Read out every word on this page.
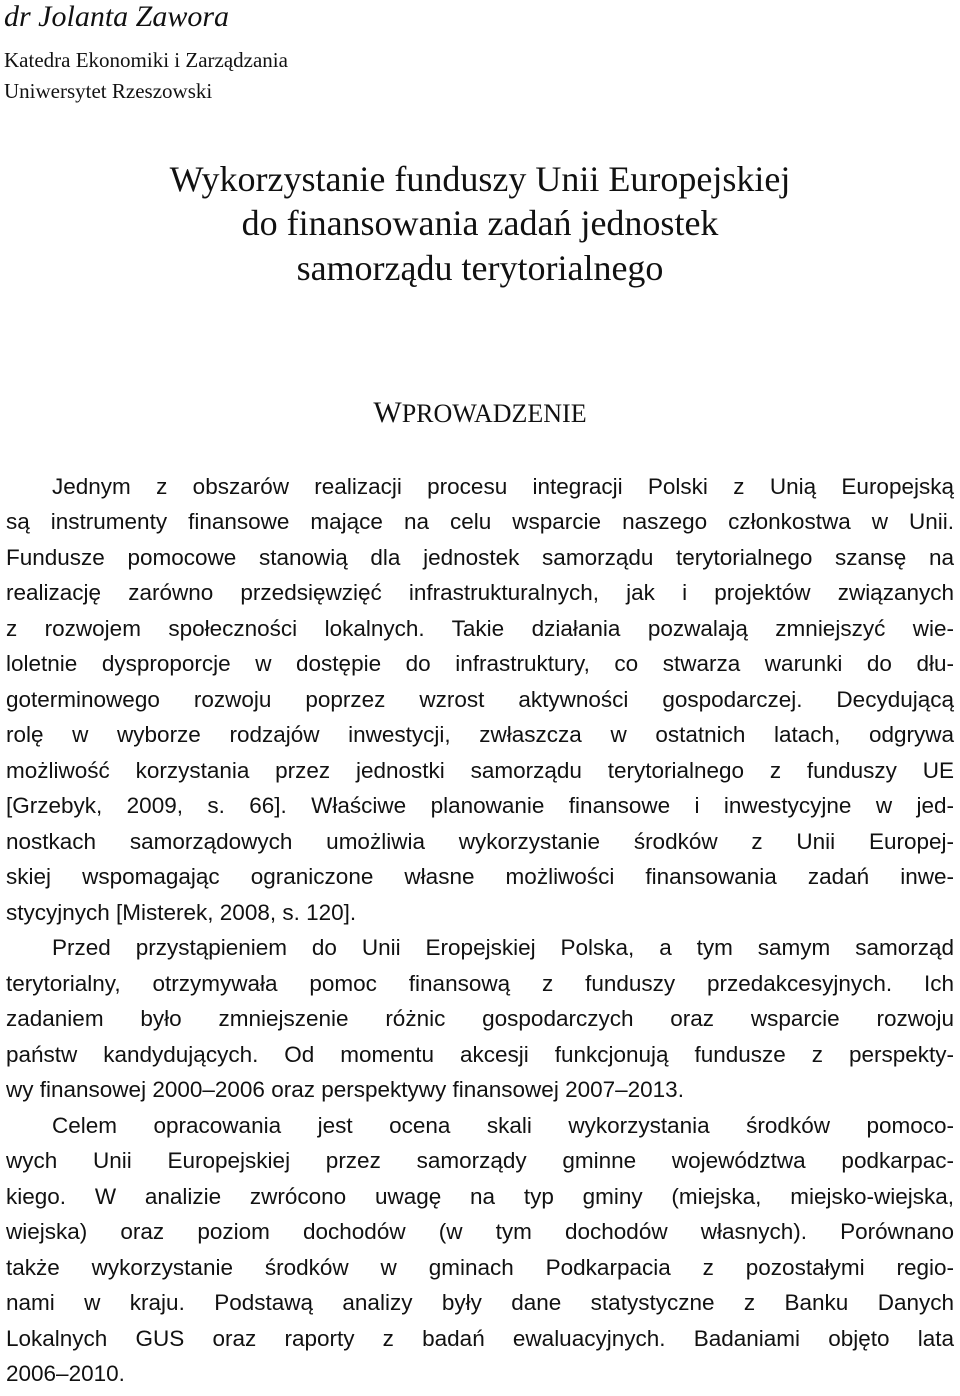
dr Jolanta Zawora
Katedra Ekonomiki i Zarządzania
Uniwersytet Rzeszowski
Wykorzystanie funduszy Unii Europejskiej
do finansowania zadań jednostek
samorządu terytorialnego
WPROWADZENIE
Jednym z obszarów realizacji procesu integracji Polski z Unią Europejską
są instrumenty finansowe mające na celu wsparcie naszego członkostwa w Unii.
Fundusze pomocowe stanowią dla jednostek samorządu terytorialnego szansę na
realizację zarówno przedsięwzięć infrastrukturalnych, jak i projektów związanych
z rozwojem społeczności lokalnych. Takie działania pozwalają zmniejszyć wie-
loletnie dysproporcje w dostępie do infrastruktury, co stwarza warunki do dłu-
goterminowego rozwoju poprzez wzrost aktywności gospodarczej. Decydującą
rolę w wyborze rodzajów inwestycji, zwłaszcza w ostatnich latach, odgrywa
możliwość korzystania przez jednostki samorządu terytorialnego z funduszy UE
[Grzebyk, 2009, s. 66]. Właściwe planowanie finansowe i inwestycyjne w jed-
nostkach samorządowych umożliwia wykorzystanie środków z Unii Europej-
skiej wspomagając ograniczone własne możliwości finansowania zadań inwe-
stycyjnych [Misterek, 2008, s. 120].
Przed przystąpieniem do Unii Eropejskiej Polska, a tym samym samorząd
terytorialny, otrzymywała pomoc finansową z funduszy przedakcesyjnych. Ich
zadaniem było zmniejszenie różnic gospodarczych oraz wsparcie rozwoju
państw kandydujących. Od momentu akcesji funkcjonują fundusze z perspekty-
wy finansowej 2000–2006 oraz perspektywy finansowej 2007–2013.
Celem opracowania jest ocena skali wykorzystania środków pomoco-
wych Unii Europejskiej przez samorządy gminne województwa podkarpac-
kiego. W analizie zwrócono uwagę na typ gminy (miejska, miejsko-wiejska,
wiejska) oraz poziom dochodów (w tym dochodów własnych). Porównano
także wykorzystanie środków w gminach Podkarpacia z pozostałymi regio-
nami w kraju. Podstawą analizy były dane statystyczne z Banku Danych
Lokalnych GUS oraz raporty z badań ewaluacyjnych. Badaniami objęto lata
2006–2010.
